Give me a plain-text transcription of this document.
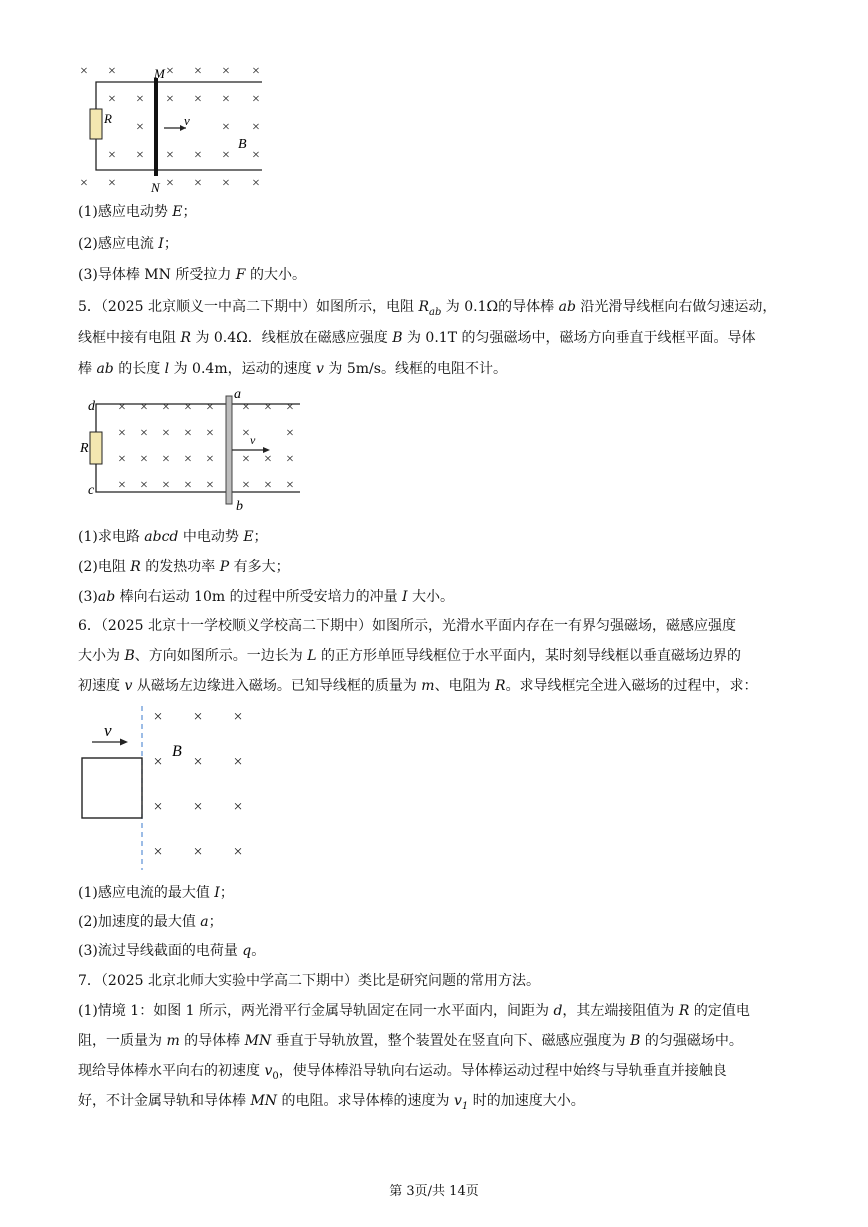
× ×	× × × ×
× × × × × ×
×	× ×
× × × × × ×
× ×	× × × ×
M
N
R	v
B
(1)感应电动势 E；
(2)感应电流 I；
(3)导体棒 MN 所受拉力 F 的大小。
5．（2025 北京顺义一中高二下期中）如图所示，电阻 $R_{ab}$ 为 0.1Ω的导体棒 ab 沿光滑导线框向右做匀速运动，
线框中接有电阻 R 为 0.4Ω．线框放在磁感应强度 B 为 0.1T 的匀强磁场中，磁场方向垂直于线框平面。导体
棒 ab 的长度 l 为 0.4m，运动的速度 v 为 5m/s。线框的电阻不计。
× × × × × × × ×
× × × × × ×	×
× × × × × × × ×
× × × × × × × ×
a
b
c
d
R
v
(1)求电路 abcd 中电动势 E；
(2)电阻 R 的发热功率 P 有多大；
(3)ab 棒向右运动 10m 的过程中所受安培力的冲量 I 大小。
6．（2025 北京十一学校顺义学校高二下期中）如图所示，光滑水平面内存在一有界匀强磁场，磁感应强度
大小为 B、方向如图所示。一边长为 L 的正方形单匝导线框位于水平面内，某时刻导线框以垂直磁场边界的
初速度 v 从磁场左边缘进入磁场。已知导线框的质量为 m、电阻为 R。求导线框完全进入磁场的过程中，求：
× × ×
× × ×
× × ×
× × ×
v
B
(1)感应电流的最大值 I；
(2)加速度的最大值 a；
(3)流过导线截面的电荷量 q。
7．（2025 北京北师大实验中学高二下期中）类比是研究问题的常用方法。
(1)情境 1：如图 1 所示，两光滑平行金属导轨固定在同一水平面内，间距为 d，其左端接阻值为 R 的定值电
阻，一质量为 m 的导体棒 MN 垂直于导轨放置，整个装置处在竖直向下、磁感应强度为 B 的匀强磁场中。
现给导体棒水平向右的初速度 $v_0$，使导体棒沿导轨向右运动。导体棒运动过程中始终与导轨垂直并接触良
好，不计金属导轨和导体棒 MN 的电阻。求导体棒的速度为 $v_1$ 时的加速度大小。
第 3页/共 14页
